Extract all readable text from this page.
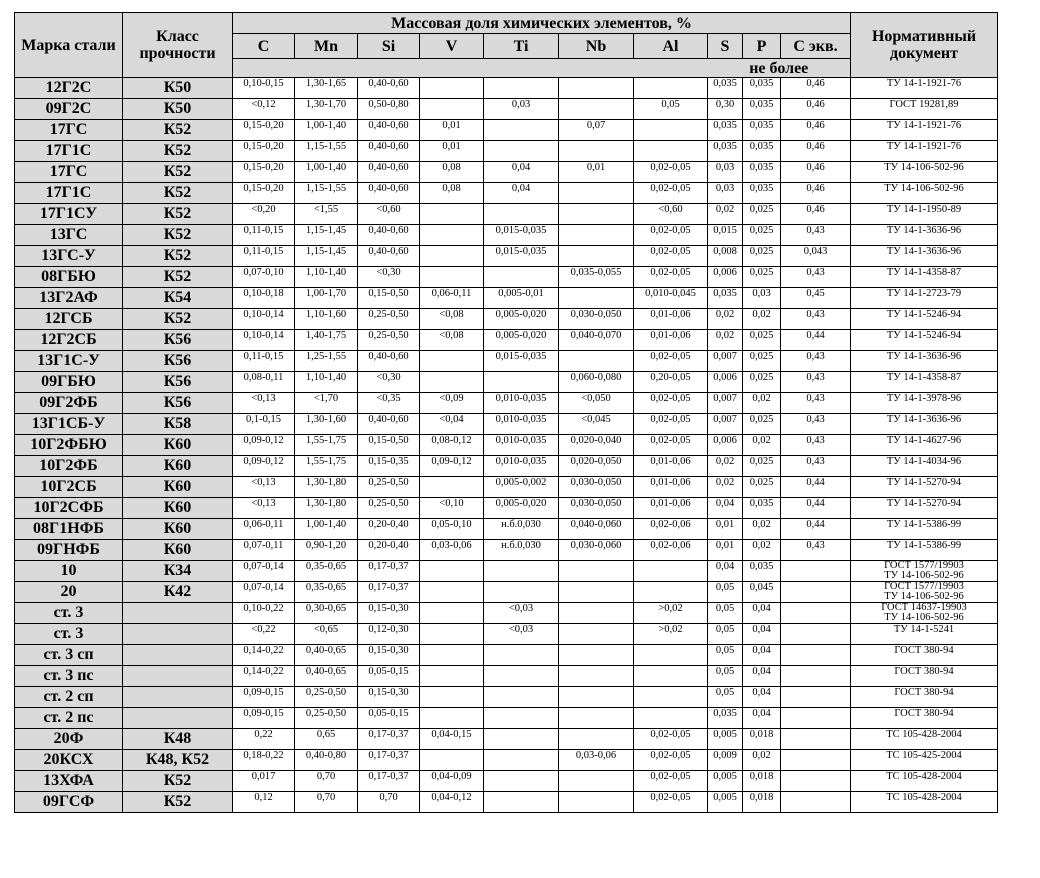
Марка стали	Класс прочности	Массовая доля химических элементов, %										Нормативный документ
		C	Mn	Si	V	Ti	Nb	Al	S	P	С экв.	
									не более			
12Г2С	К50	0,10-0,15	1,30-1,65	0,40-0,60					0,035	0,035	0,46	ТУ 14-1-1921-76
09Г2С	К50	<0,12	1,30-1,70	0,50-0,80		0,03		0,05	0,30	0,035	0,46	ГОСТ 19281,89
17ГС	К52	0,15-0,20	1,00-1,40	0,40-0,60	0,01		0,07		0,035	0,035	0,46	ТУ 14-1-1921-76
17Г1С	К52	0,15-0,20	1,15-1,55	0,40-0,60	0,01				0,035	0,035	0,46	ТУ 14-1-1921-76
17ГС	К52	0,15-0,20	1,00-1,40	0,40-0,60	0,08	0,04	0,01	0,02-0,05	0,03	0,035	0,46	ТУ 14-106-502-96
17Г1С	К52	0,15-0,20	1,15-1,55	0,40-0,60	0,08	0,04		0,02-0,05	0,03	0,035	0,46	ТУ 14-106-502-96
17Г1СУ	К52	<0,20	<1,55	<0,60				<0,60	0,02	0,025	0,46	ТУ 14-1-1950-89
13ГС	К52	0,11-0,15	1,15-1,45	0,40-0,60		0,015-0,035		0,02-0,05	0,015	0,025	0,43	ТУ 14-1-3636-96
13ГС-У	К52	0,11-0,15	1,15-1,45	0,40-0,60		0,015-0,035		0,02-0,05	0,008	0,025	0,043	ТУ 14-1-3636-96
08ГБЮ	К52	0,07-0,10	1,10-1,40	<0,30			0,035-0,055	0,02-0,05	0,006	0,025	0,43	ТУ 14-1-4358-87
13Г2АФ	К54	0,10-0,18	1,00-1,70	0,15-0,50	0,06-0,11	0,005-0,01		0,010-0,045	0,035	0,03	0,45	ТУ 14-1-2723-79
12ГСБ	К52	0,10-0,14	1,10-1,60	0,25-0,50	<0,08	0,005-0,020	0,030-0,050	0,01-0,06	0,02	0,02	0,43	ТУ 14-1-5246-94
12Г2СБ	К56	0,10-0,14	1,40-1,75	0,25-0,50	<0,08	0,005-0,020	0,040-0,070	0,01-0,06	0,02	0,025	0,44	ТУ 14-1-5246-94
13Г1С-У	К56	0,11-0,15	1,25-1,55	0,40-0,60		0,015-0,035		0,02-0,05	0,007	0,025	0,43	ТУ 14-1-3636-96
09ГБЮ	К56	0,08-0,11	1,10-1,40	<0,30			0,060-0,080	0,20-0,05	0,006	0,025	0,43	ТУ 14-1-4358-87
09Г2ФБ	К56	<0,13	<1,70	<0,35	<0,09	0,010-0,035	<0,050	0,02-0,05	0,007	0,02	0,43	ТУ 14-1-3978-96
13Г1СБ-У	К58	0,1-0,15	1,30-1,60	0,40-0,60	<0,04	0,010-0,035	<0,045	0,02-0,05	0,007	0,025	0,43	ТУ 14-1-3636-96
10Г2ФБЮ	К60	0,09-0,12	1,55-1,75	0,15-0,50	0,08-0,12	0,010-0,035	0,020-0,040	0,02-0,05	0,006	0,02	0,43	ТУ 14-1-4627-96
10Г2ФБ	К60	0,09-0,12	1,55-1,75	0,15-0,35	0,09-0,12	0,010-0,035	0,020-0,050	0,01-0,06	0,02	0,025	0,43	ТУ 14-1-4034-96
10Г2СБ	К60	<0,13	1,30-1,80	0,25-0,50		0,005-0,002	0,030-0,050	0,01-0,06	0,02	0,025	0,44	ТУ 14-1-5270-94
10Г2СФБ	К60	<0,13	1,30-1,80	0,25-0,50	<0,10	0,005-0,020	0,030-0,050	0,01-0,06	0,04	0,035	0,44	ТУ 14-1-5270-94
08Г1НФБ	К60	0,06-0,11	1,00-1,40	0,20-0,40	0,05-0,10	н.б.0,030	0,040-0,060	0,02-0,06	0,01	0,02	0,44	ТУ 14-1-5386-99
09ГНФБ	К60	0,07-0,11	0,90-1,20	0,20-0,40	0,03-0,06	н.б.0,030	0,030-0,060	0,02-0,06	0,01	0,02	0,43	ТУ 14-1-5386-99
10	К34	0,07-0,14	0,35-0,65	0,17-0,37					0,04	0,035		ГОСТ 1577/19903
ТУ 14-106-502-96
20	К42	0,07-0,14	0,35-0,65	0,17-0,37					0,05	0,045		ГОСТ 1577/19903
ТУ 14-106-502-96
ст. 3		0,10-0,22	0,30-0,65	0,15-0,30		<0,03		>0,02	0,05	0,04		ГОСТ 14637-19903
ТУ 14-106-502-96
ст. 3		<0,22	<0,65	0,12-0,30		<0,03		>0,02	0,05	0,04		ТУ 14-1-5241
ст. 3 сп		0,14-0,22	0,40-0,65	0,15-0,30					0,05	0,04		ГОСТ 380-94
ст. 3 пс		0,14-0,22	0,40-0,65	0,05-0,15					0,05	0,04		ГОСТ 380-94
ст. 2 сп		0,09-0,15	0,25-0,50	0,15-0,30					0,05	0,04		ГОСТ 380-94
ст. 2 пс		0,09-0,15	0,25-0,50	0,05-0,15					0,035	0,04		ГОСТ 380-94
20Ф	К48	0,22	0,65	0,17-0,37	0,04-0,15			0,02-0,05	0,005	0,018		ТС 105-428-2004
20КСХ	К48, К52	0,18-0,22	0,40-0,80	0,17-0,37			0,03-0,06	0,02-0,05	0,009	0,02		ТС 105-425-2004
13ХФА	К52	0,017	0,70	0,17-0,37	0,04-0,09			0,02-0,05	0,005	0,018		ТС 105-428-2004
09ГСФ	К52	0,12	0,70	0,70	0,04-0,12			0,02-0,05	0,005	0,018		ТС 105-428-2004
